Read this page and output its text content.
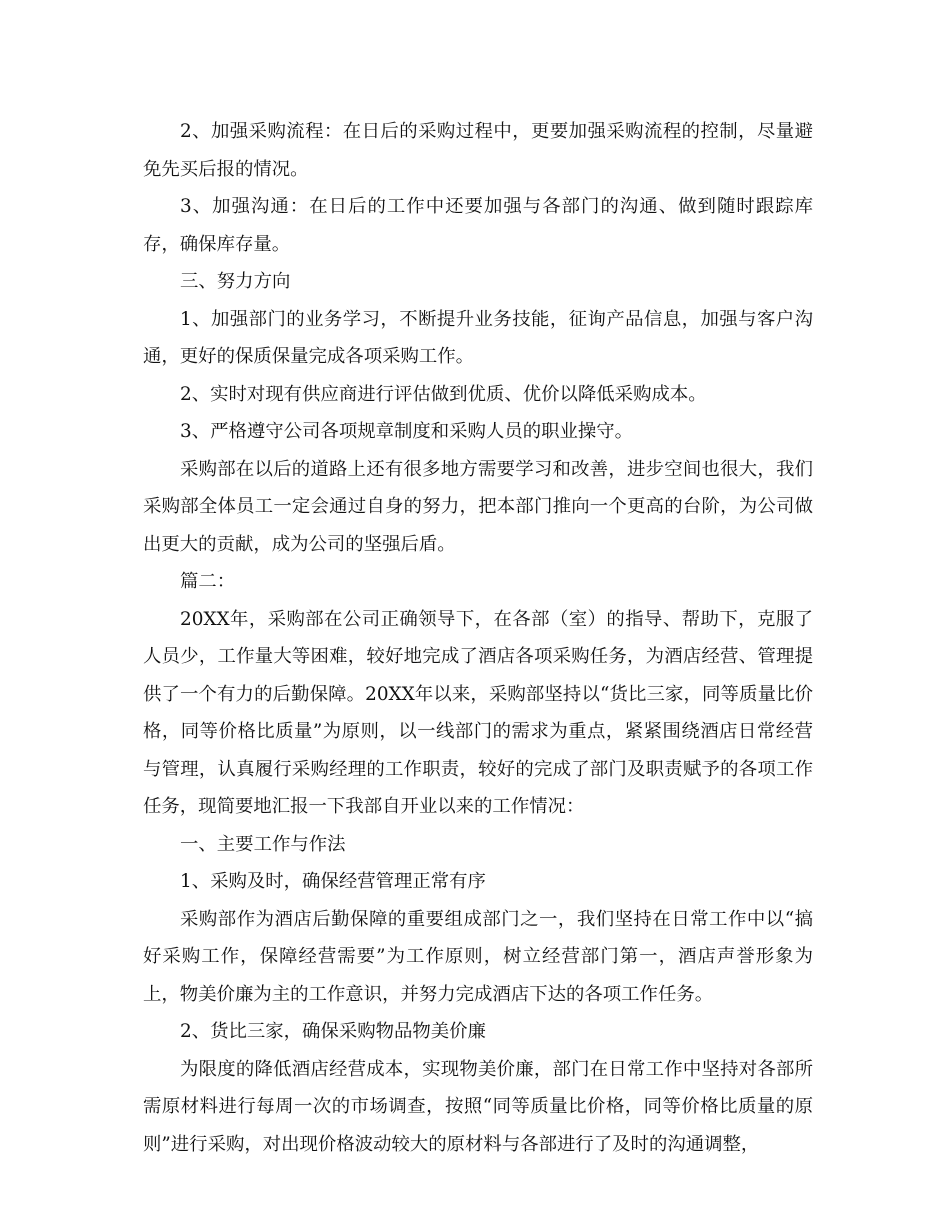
2、加强采购流程：在日后的采购过程中，更要加强采购流程的控制，尽量避免先买后报的情况。

3、加强沟通：在日后的工作中还要加强与各部门的沟通、做到随时跟踪库存，确保库存量。

三、努力方向

1、加强部门的业务学习，不断提升业务技能，征询产品信息，加强与客户沟通，更好的保质保量完成各项采购工作。

2、实时对现有供应商进行评估做到优质、优价以降低采购成本。

3、严格遵守公司各项规章制度和采购人员的职业操守。

采购部在以后的道路上还有很多地方需要学习和改善，进步空间也很大，我们采购部全体员工一定会通过自身的努力，把本部门推向一个更高的台阶，为公司做出更大的贡献，成为公司的坚强后盾。

篇二：

20XX年，采购部在公司正确领导下，在各部（室）的指导、帮助下，克服了人员少，工作量大等困难，较好地完成了酒店各项采购任务，为酒店经营、管理提供了一个有力的后勤保障。20XX年以来，采购部坚持以“货比三家，同等质量比价格，同等价格比质量”为原则，以一线部门的需求为重点，紧紧围绕酒店日常经营与管理，认真履行采购经理的工作职责，较好的完成了部门及职责赋予的各项工作任务，现简要地汇报一下我部自开业以来的工作情况：

一、主要工作与作法

1、采购及时，确保经营管理正常有序

采购部作为酒店后勤保障的重要组成部门之一，我们坚持在日常工作中以“搞好采购工作，保障经营需要”为工作原则，树立经营部门第一，酒店声誉形象为上，物美价廉为主的工作意识，并努力完成酒店下达的各项工作任务。

2、货比三家，确保采购物品物美价廉

为限度的降低酒店经营成本，实现物美价廉，部门在日常工作中坚持对各部所需原材料进行每周一次的市场调查，按照“同等质量比价格，同等价格比质量的原则”进行采购，对出现价格波动较大的原材料与各部进行了及时的沟通调整，
